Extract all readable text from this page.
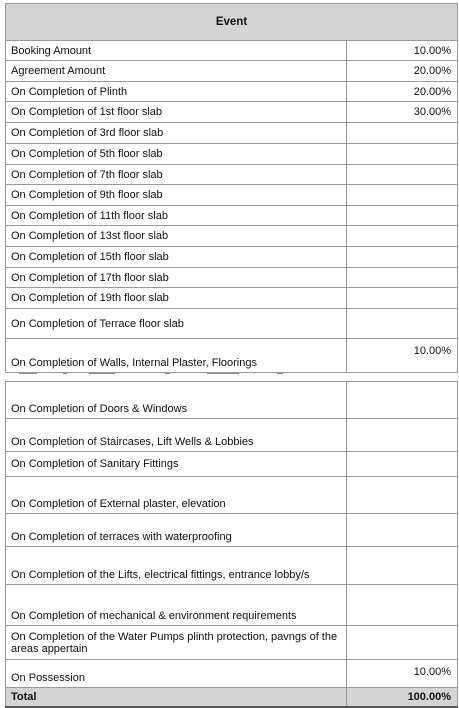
Event	
Booking Amount	10.00%
Agreement Amount	20.00%
On Completion of Plinth	20.00%
On Completion of 1st floor slab	30.00%
On Completion of 3rd floor slab	
On Completion of 5th floor slab	
On Completion of 7th floor slab	
On Completion of 9th floor slab	
On Completion of 11th floor slab	
On Completion of 13st floor slab	
On Completion of 15th floor slab	
On Completion of 17th floor slab	
On Completion of 19th floor slab	
On Completion of Terrace floor slab	
On Completion of Walls, Internal Plaster, Floorings	10.00%
On Completion of Doors & Windows	
On Completion of Staircases, Lift Wells & Lobbies	
On Completion of Sanitary Fittings	
On Completion of External plaster, elevation	
On Completion of terraces with waterproofing	
On Completion of the Lifts, electrical fittings, entrance lobby/s	
On Completion of mechanical & environment requirements	
On Completion of the Water Pumps plinth protection, pavngs of the areas appertain	
On Possession	10.00%
Total	100.00%
